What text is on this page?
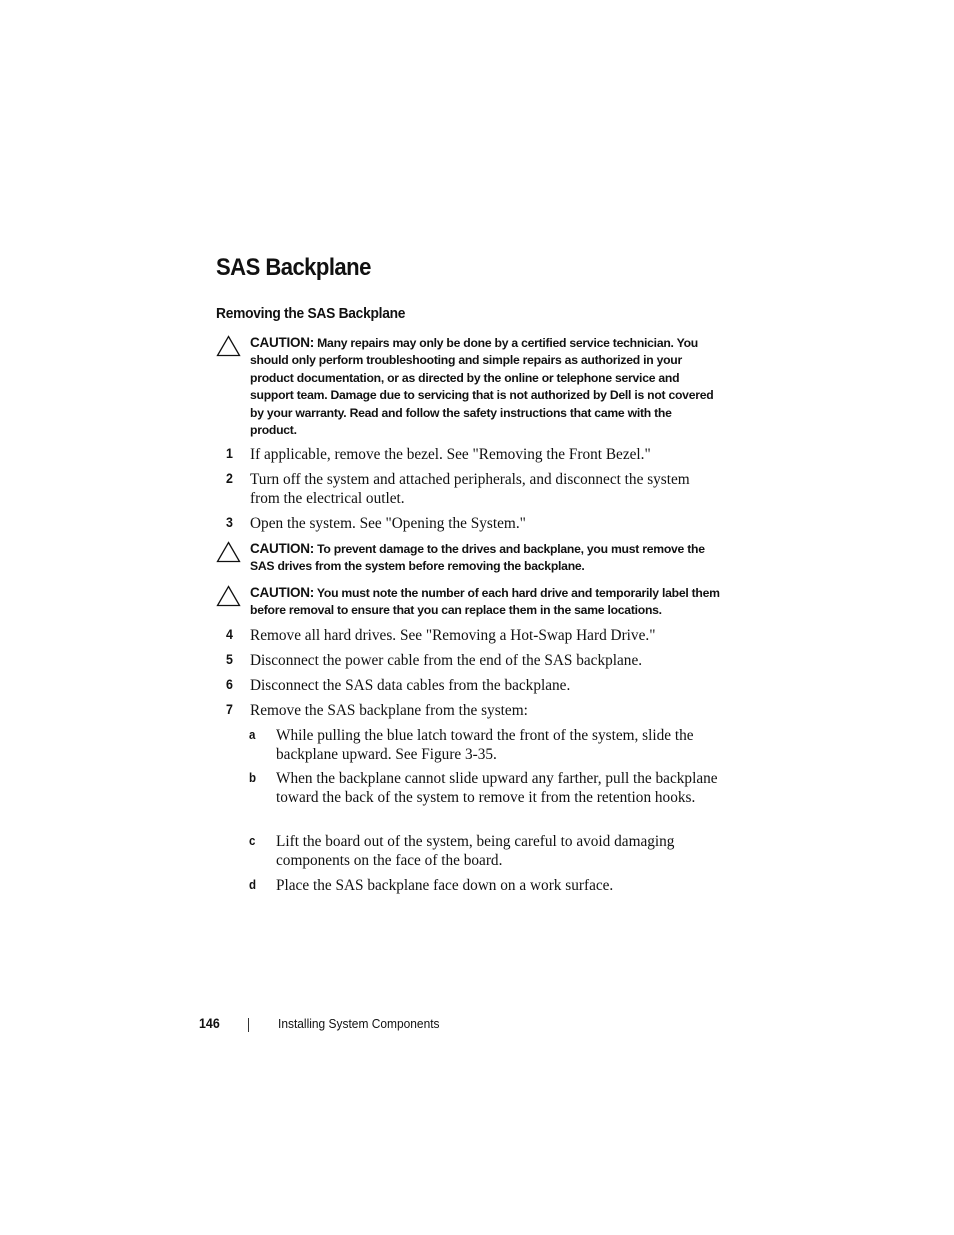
SAS Backplane
Removing the SAS Backplane
CAUTION: Many repairs may only be done by a certified service technician. You should only perform troubleshooting and simple repairs as authorized in your product documentation, or as directed by the online or telephone service and support team. Damage due to servicing that is not authorized by Dell is not covered by your warranty. Read and follow the safety instructions that came with the product.
1 If applicable, remove the bezel. See "Removing the Front Bezel."
2 Turn off the system and attached peripherals, and disconnect the system from the electrical outlet.
3 Open the system. See "Opening the System."
CAUTION: To prevent damage to the drives and backplane, you must remove the SAS drives from the system before removing the backplane.
CAUTION: You must note the number of each hard drive and temporarily label them before removal to ensure that you can replace them in the same locations.
4 Remove all hard drives. See "Removing a Hot-Swap Hard Drive."
5 Disconnect the power cable from the end of the SAS backplane.
6 Disconnect the SAS data cables from the backplane.
7 Remove the SAS backplane from the system:
a While pulling the blue latch toward the front of the system, slide the backplane upward. See Figure 3-35.
b When the backplane cannot slide upward any farther, pull the backplane toward the back of the system to remove it from the retention hooks.
c Lift the board out of the system, being careful to avoid damaging components on the face of the board.
d Place the SAS backplane face down on a work surface.
146	Installing System Components
